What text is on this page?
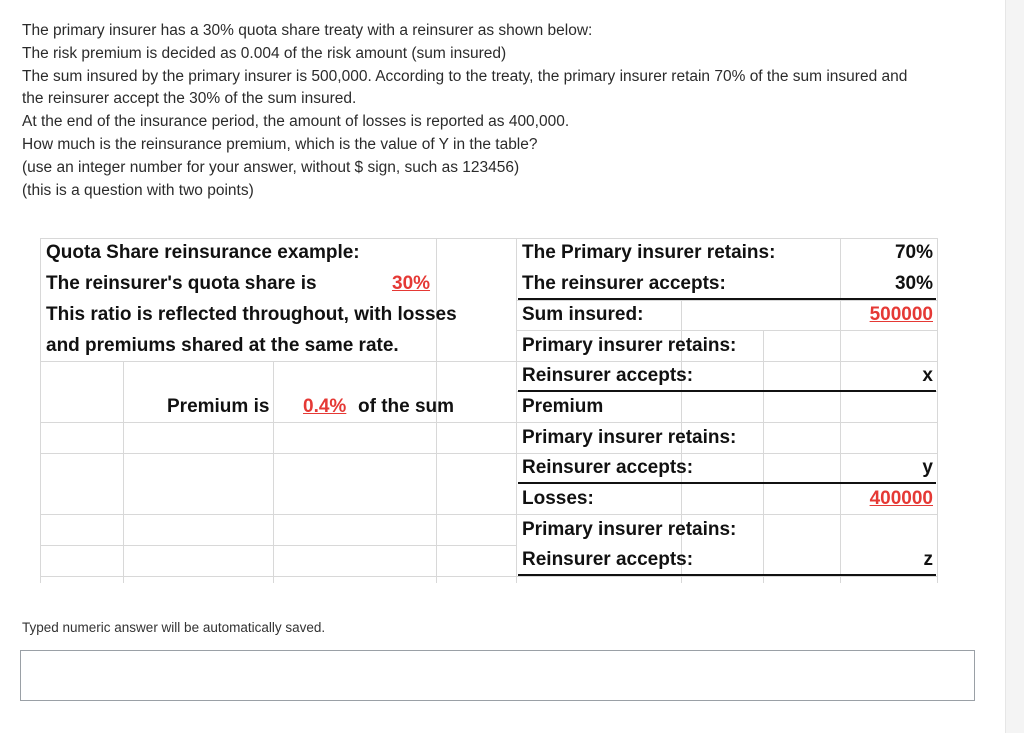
The primary insurer has a 30% quota share treaty with a reinsurer as shown below:
The risk premium is decided as 0.004 of the risk amount (sum insured)
The sum insured by the primary insurer is 500,000. According to the treaty, the primary insurer retain 70% of the sum insured and
the reinsurer accept the 30% of the sum insured.
At the end of the insurance period, the amount of losses is reported as 400,000.
How much is the reinsurance premium, which is the value of Y in the table?
(use an integer number for your answer, without $ sign, such as 123456)
(this is a question with two points)
Quota Share reinsurance example:
The reinsurer's quota share is	30%
This ratio is reflected throughout, with losses
and premiums shared at the same rate.
Premium is 0.4% of the sum
The Primary insurer retains:
The reinsurer accepts:
Sum insured:
Primary insurer retains:
Reinsurer accepts:
Premium
Primary insurer retains:
Reinsurer accepts:
Losses:
Primary insurer retains:
Reinsurer accepts:
70%
30%
500000
x
y
400000
z
Typed numeric answer will be automatically saved.
